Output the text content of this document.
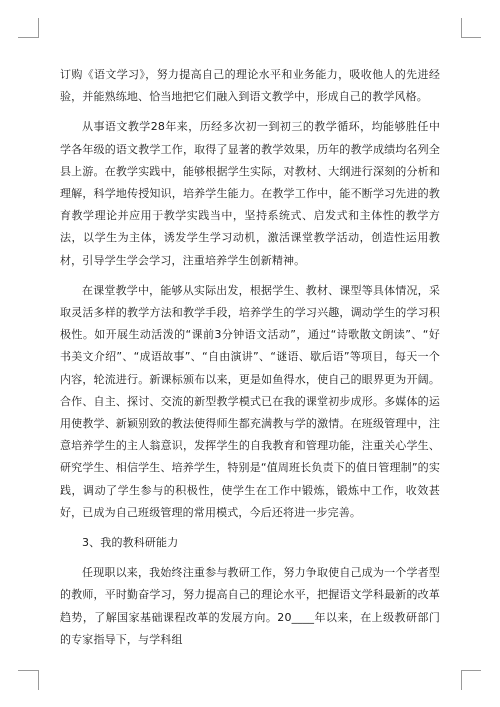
订购《语文学习》，努力提高自己的理论水平和业务能力，吸收他人的先进经验，并能熟练地、恰当地把它们融入到语文教学中，形成自己的教学风格。

从事语文教学28年来，历经多次初一到初三的教学循环，均能够胜任中学各年级的语文教学工作，取得了显著的教学效果，历年的教学成绩均名列全县上游。在教学实践中，能够根据学生实际，对教材、大纲进行深刻的分析和理解，科学地传授知识，培养学生能力。在教学工作中，能不断学习先进的教育教学理论并应用于教学实践当中，坚持系统式、启发式和主体性的教学方法，以学生为主体，诱发学生学习动机，激活课堂教学活动，创造性运用教材，引导学生学会学习，注重培养学生创新精神。

在课堂教学中，能够从实际出发，根据学生、教材、课型等具体情况，采取灵活多样的教学方法和教学手段，培养学生的学习兴趣，调动学生的学习积极性。如开展生动活泼的“课前3分钟语文活动”，通过“诗歌散文朗读”、“好书美文介绍”、“成语故事”、“自由演讲”、“谜语、歇后语”等项目，每天一个内容，轮流进行。新课标颁布以来，更是如鱼得水，使自己的眼界更为开阔。合作、自主、探讨、交流的新型教学模式已在我的课堂初步成形。多媒体的运用使教学、新颖别致的教法使得师生都充满教与学的激情。在班级管理中，注意培养学生的主人翁意识，发挥学生的自我教育和管理功能，注重关心学生、研究学生、相信学生、培养学生，特别是“值周班长负责下的值日管理制”的实践，调动了学生参与的积极性，使学生在工作中锻炼，锻炼中工作，收效甚好，已成为自己班级管理的常用模式，今后还将进一步完善。

3、我的教科研能力

任现职以来，我始终注重参与教研工作，努力争取使自己成为一个学者型的教师，平时勤奋学习，努力提高自己的理论水平，把握语文学科最新的改革趋势，了解国家基础课程改革的发展方向。20____年以来，在上级教研部门的专家指导下，与学科组
